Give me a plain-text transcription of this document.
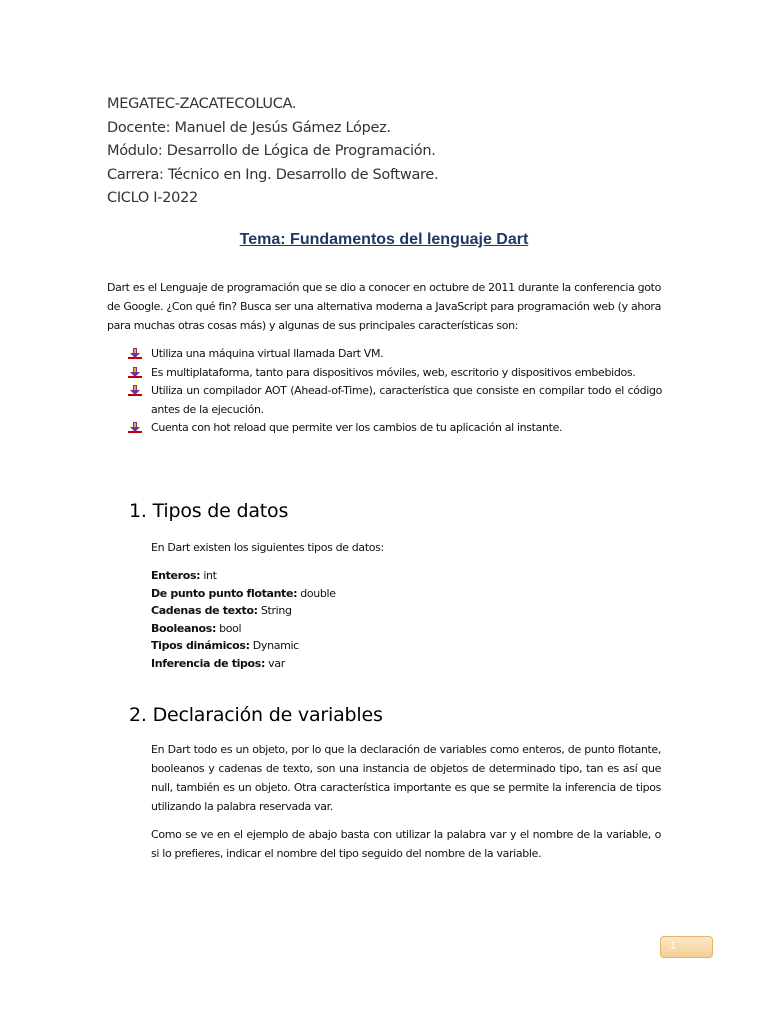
MEGATEC-ZACATECOLUCA.
Docente: Manuel de Jesús Gámez López.
Módulo: Desarrollo de Lógica de Programación.
Carrera: Técnico en Ing. Desarrollo de Software.
CICLO I-2022
Tema: Fundamentos del lenguaje Dart
Dart es el Lenguaje de programación que se dio a conocer en octubre de 2011 durante la conferencia goto de Google. ¿Con qué fin? Busca ser una alternativa moderna a JavaScript para programación web (y ahora para muchas otras cosas más) y algunas de sus principales características son:
Utiliza una máquina virtual llamada Dart VM.
Es multiplataforma, tanto para dispositivos móviles, web, escritorio y dispositivos embebidos.
Utiliza un compilador AOT (Ahead-of-Time), característica que consiste en compilar todo el código antes de la ejecución.
Cuenta con hot reload que permite ver los cambios de tu aplicación al instante.
1. Tipos de datos
En Dart existen los siguientes tipos de datos:
Enteros: int
De punto punto flotante: double
Cadenas de texto: String
Booleanos: bool
Tipos dinámicos: Dynamic
Inferencia de tipos: var
2. Declaración de variables
En Dart todo es un objeto, por lo que la declaración de variables como enteros, de punto flotante, booleanos y cadenas de texto, son una instancia de objetos de determinado tipo, tan es así que null, también es un objeto. Otra característica importante es que se permite la inferencia de tipos utilizando la palabra reservada var.
Como se ve en el ejemplo de abajo basta con utilizar la palabra var y el nombre de la variable, o si lo prefieres, indicar el nombre del tipo seguido del nombre de la variable.
1
